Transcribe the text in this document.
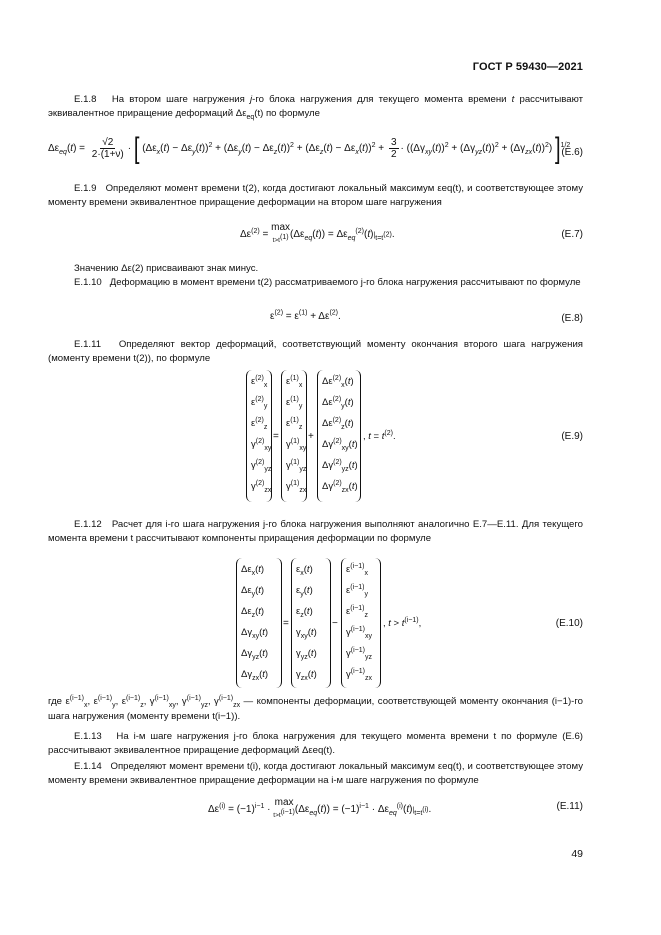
ГОСТ Р 59430—2021
Е.1.8 На втором шаге нагружения j-го блока нагружения для текущего момента времени t рассчитывают эквивалентное приращение деформаций $\Delta\varepsilon_{eq}(t)$ по формуле
$\Delta\varepsilon_{eq}(t) = \frac{√2}{2\cdot(1+\nu)}$ · [ $(\Delta\varepsilon_x(t) - \Delta\varepsilon_y(t))^2 + (\Delta\varepsilon_y(t) - \Delta\varepsilon_z(t))^2 + (\Delta\varepsilon_z(t) - \Delta\varepsilon_x(t))^2 + \frac{3}{2} \cdot ((\Delta\gamma_{xy}(t))^2 + (\Delta\gamma_{yz}(t))^2 + (\Delta\gamma_{zx}(t))^2)$ ]$^{1/2}$
(Е.6)
Е.1.9 Определяют момент времени t(2), когда достигают локальный максимум εeq(t), и соответствующее этому моменту времени эквивалентное приращение деформации на втором шаге нагружения
$\Delta\varepsilon^{(2)} = \max$
$t>t^{(1)}(\Delta\varepsilon_{eq}(t)) = \Delta\varepsilon_{eq}^{(2)}(t)|_{t=t^{(2)}}$.	(Е.7)
Значению Δε(2) присваивают знак минус.
Е.1.10 Деформацию в момент времени t(2) рассматриваемого j-го блока нагружения рассчитывают по формуле
$\varepsilon^{(2)} = \varepsilon^{(1)} + \Delta\varepsilon^{(2)}$.	(Е.8)
Е.1.11 Определяют вектор деформаций, соответствующий моменту окончания второго шага нагружения (моменту времени t(2)), по формуле
$\varepsilon^{(2)}_x$
$\varepsilon^{(2)}_y$
$\varepsilon^{(2)}_z$
$\gamma^{(2)}_{xy}$
$\gamma^{(2)}_{yz}$
$\gamma^{(2)}_{zx}$
=
$\varepsilon^{(1)}_x$
$\varepsilon^{(1)}_y$
$\varepsilon^{(1)}_z$
$\gamma^{(1)}_{xy}$
$\gamma^{(1)}_{yz}$
$\gamma^{(1)}_{zx}$
+
$\Delta\varepsilon^{(2)}_x(t)$
$\Delta\varepsilon^{(2)}_y(t)$
$\Delta\varepsilon^{(2)}_z(t)$
$\Delta\gamma^{(2)}_{xy}(t)$
$\Delta\gamma^{(2)}_{yz}(t)$
$\Delta\gamma^{(2)}_{zx}(t)$
, $t = t^{(2)}$.	(Е.9)
Е.1.12 Расчет для i-го шага нагружения j-го блока нагружения выполняют аналогично Е.7—Е.11. Для текущего момента времени t рассчитывают компоненты приращения деформации по формуле
$\Delta\varepsilon_x(t)$
$\Delta\varepsilon_y(t)$
$\Delta\varepsilon_z(t)$
$\Delta\gamma_{xy}(t)$
$\Delta\gamma_{yz}(t)$
$\Delta\gamma_{zx}(t)$
=
$\varepsilon_x(t)$
$\varepsilon_y(t)$
$\varepsilon_z(t)$
$\gamma_{xy}(t)$
$\gamma_{yz}(t)$
$\gamma_{zx}(t)$
−
$\varepsilon^{(i-1)}_x$
$\varepsilon^{(i-1)}_y$
$\varepsilon^{(i-1)}_z$
$\gamma^{(i-1)}_{xy}$
$\gamma^{(i-1)}_{yz}$
$\gamma^{(i-1)}_{zx}$
, $t > t^{(i-1)}$,	(Е.10)
где $\varepsilon^{(i-1)}_x$, $\varepsilon^{(i-1)}_y$, $\varepsilon^{(i-1)}_z$, $\gamma^{(i-1)}_{xy}$, $\gamma^{(i-1)}_{yz}$, $\gamma^{(i-1)}_{zx}$ — компоненты деформации, соответствующей моменту окончания (i−1)-го шага нагружения (моменту времени t(i−1)).
Е.1.13 На i-м шаге нагружения j-го блока нагружения для текущего момента времени t по формуле (Е.6) рассчитывают эквивалентное приращение деформаций Δεeq(t).
Е.1.14 Определяют момент времени t(i), когда достигают локальный максимум εeq(t), и соответствующее этому моменту времени эквивалентное приращение деформации на i-м шаге нагружения по формуле
$\Delta\varepsilon^{(i)} = (-1)^{i-1} \cdot \max$
$t>t^{(i-1)}(\Delta\varepsilon_{eq}(t)) = (-1)^{i-1} \cdot \Delta\varepsilon_{eq}^{(i)}(t)|_{t=t^{(i)}}$.	(Е.11)
49
